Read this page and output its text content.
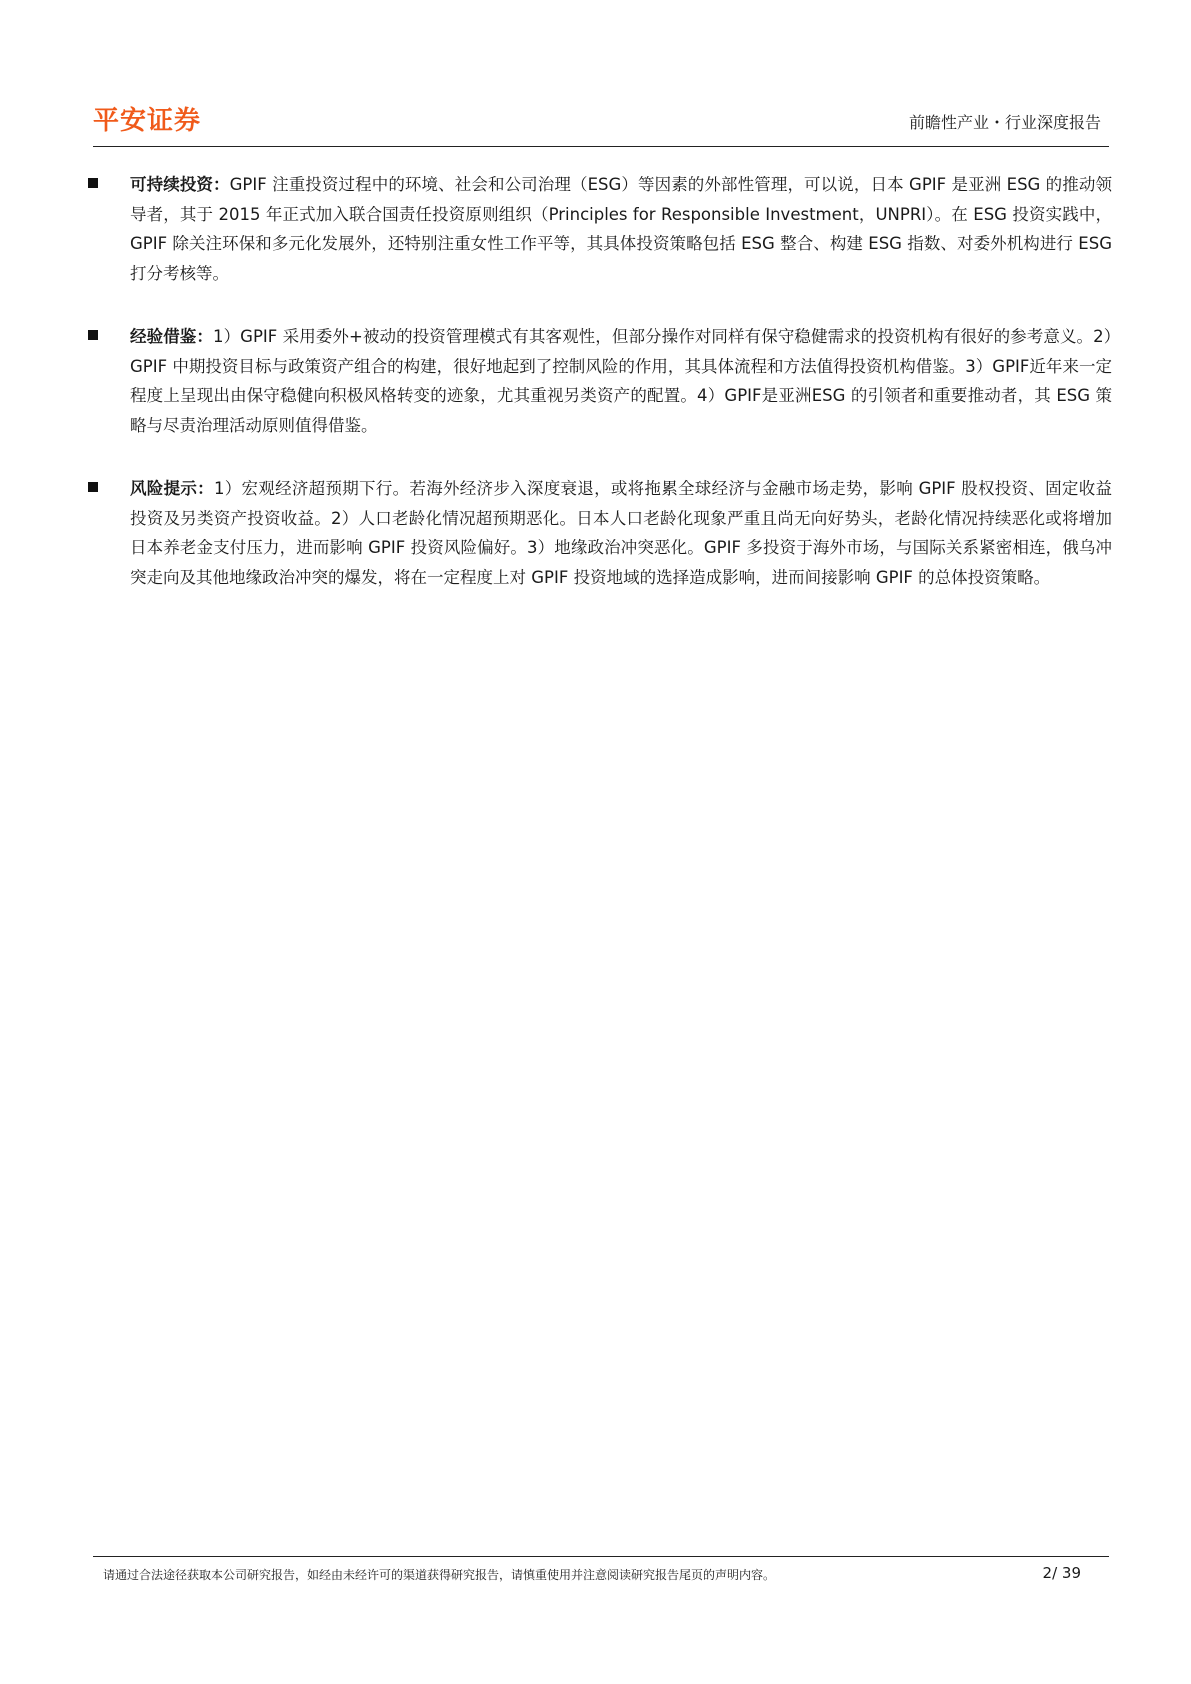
平安证券	前瞻性产业・行业深度报告
可持续投资：GPIF 注重投资过程中的环境、社会和公司治理（ESG）等因素的外部性管理，可以说，日本 GPIF 是亚洲 ESG 的推动领导者，其于 2015 年正式加入联合国责任投资原则组织（Principles for Responsible Investment，UNPRI）。在 ESG 投资实践中，GPIF 除关注环保和多元化发展外，还特别注重女性工作平等，其具体投资策略包括 ESG 整合、构建 ESG 指数、对委外机构进行 ESG 打分考核等。
经验借鉴：1）GPIF 采用委外+被动的投资管理模式有其客观性，但部分操作对同样有保守稳健需求的投资机构有很好的参考意义。2）GPIF 中期投资目标与政策资产组合的构建，很好地起到了控制风险的作用，其具体流程和方法值得投资机构借鉴。3）GPIF近年来一定程度上呈现出由保守稳健向积极风格转变的迹象，尤其重视另类资产的配置。4）GPIF是亚洲ESG 的引领者和重要推动者，其 ESG 策略与尽责治理活动原则值得借鉴。
风险提示：1）宏观经济超预期下行。若海外经济步入深度衰退，或将拖累全球经济与金融市场走势，影响 GPIF 股权投资、固定收益投资及另类资产投资收益。2）人口老龄化情况超预期恶化。日本人口老龄化现象严重且尚无向好势头，老龄化情况持续恶化或将增加日本养老金支付压力，进而影响 GPIF 投资风险偏好。3）地缘政治冲突恶化。GPIF 多投资于海外市场，与国际关系紧密相连，俄乌冲突走向及其他地缘政治冲突的爆发，将在一定程度上对 GPIF 投资地域的选择造成影响，进而间接影响 GPIF 的总体投资策略。
请通过合法途径获取本公司研究报告，如经由未经许可的渠道获得研究报告，请慎重使用并注意阅读研究报告尾页的声明内容。	2/ 39
